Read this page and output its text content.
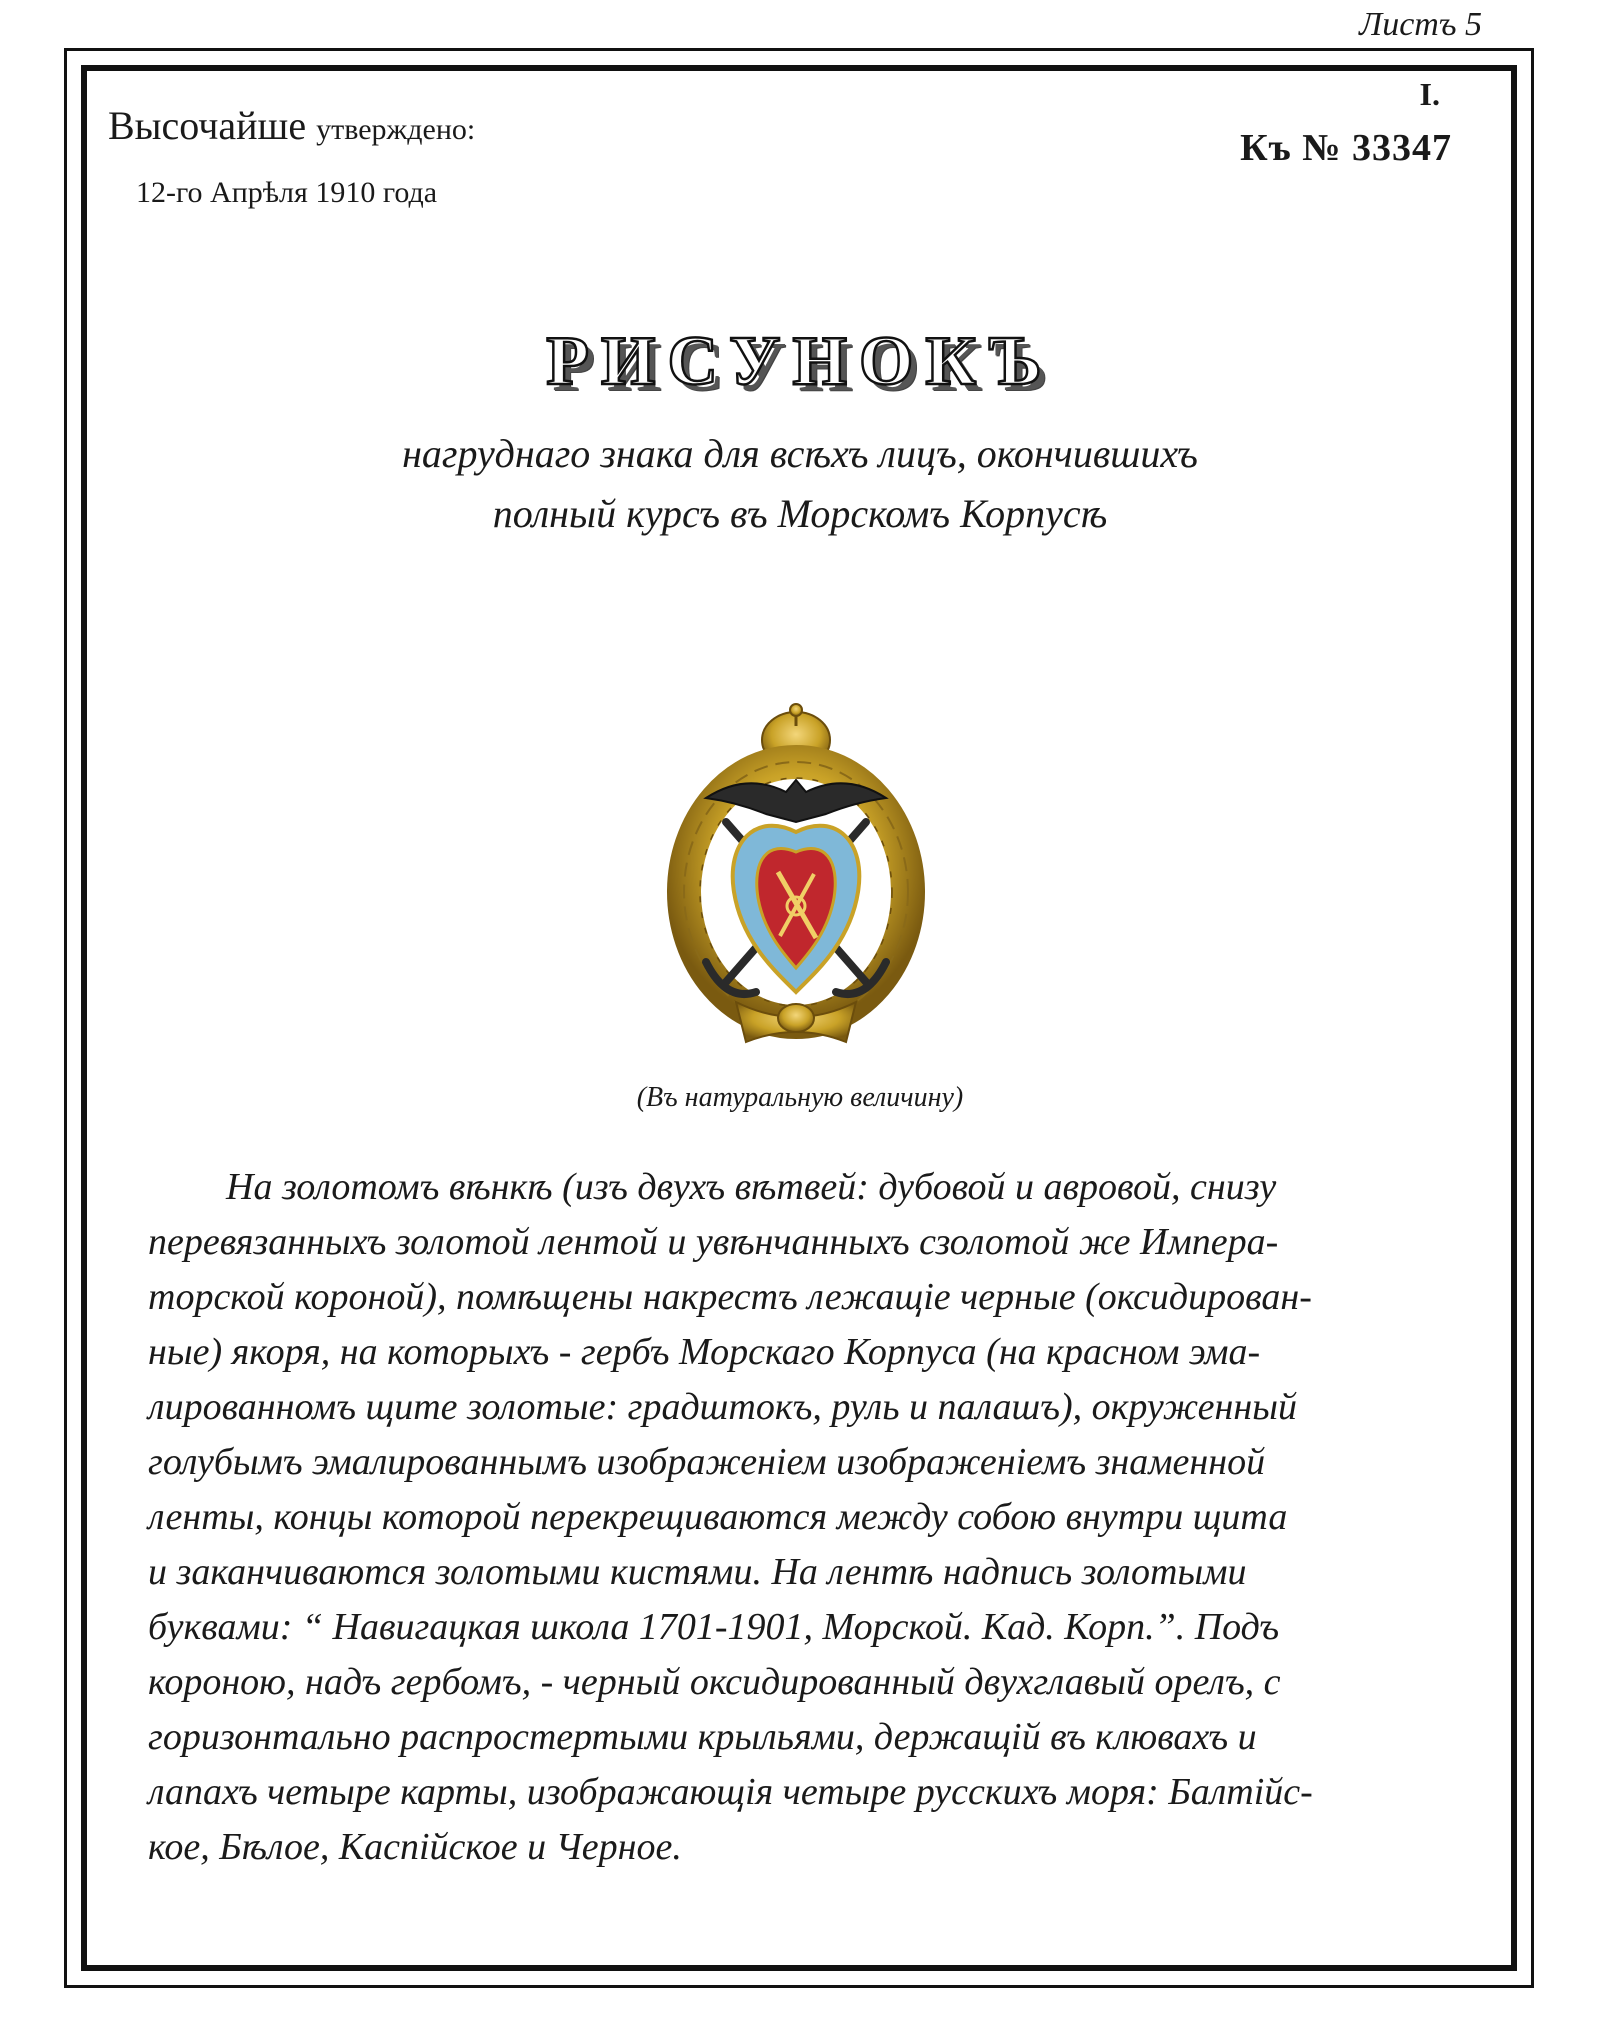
Листъ 5
Высочайше утверждено:
12-го Апрѣля 1910 года
I.
Къ № 33347
РИСУНОКЪ
нагруднаго знака для всѣхъ лицъ, окончившихъ
полный курсъ въ Морскомъ Корпусѣ
(Въ натуральную величину)
На золотомъ вѣнкѣ (изъ двухъ вѣтвей: дубовой и авровой, снизу
перевязанныхъ золотой лентой и увѣнчанныхъ сзолотой же Импера-
торской короной), помѣщены накрестъ лежащіе черные (оксидирован-
ные) якоря, на которыхъ - гербъ Морскаго Корпуса (на красном эма-
лированномъ щите золотые: градштокъ, руль и палашъ), окруженный
голубымъ эмалированнымъ изображеніем изображеніемъ знаменной
ленты, концы которой перекрещиваются между собою внутри щита
и заканчиваются золотыми кистями. На лентѣ надпись золотыми
буквами: “ Навигацкая школа 1701-1901, Морской. Кад. Корп.”. Подъ
короною, надъ гербомъ, - черный оксидированный двухглавый орелъ, с
горизонтально распростертыми крыльями, держащій въ клювахъ и
лапахъ четыре карты, изображающія четыре русскихъ моря: Балтійс-
кое, Бѣлое, Каспійское и Черное.
